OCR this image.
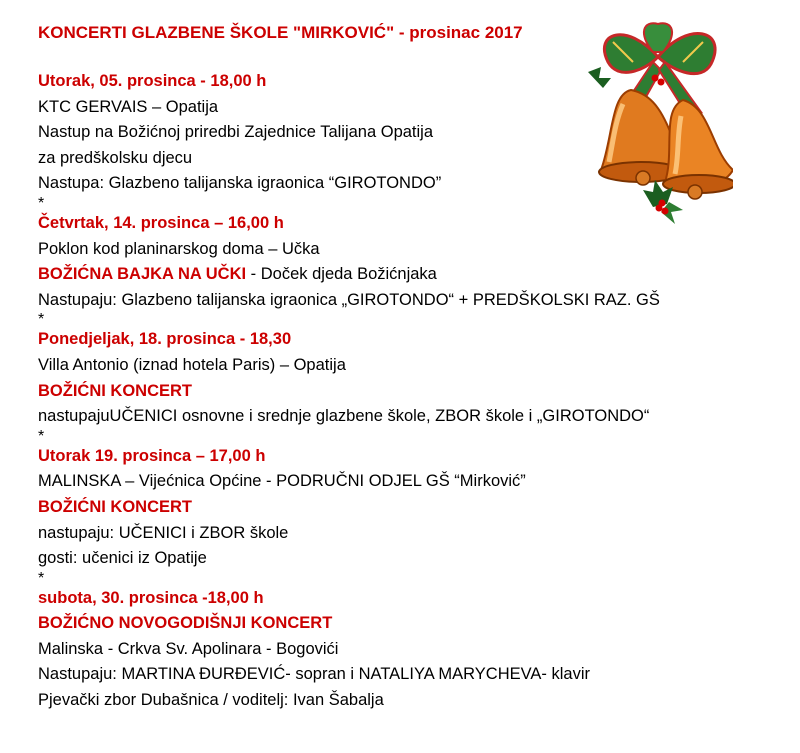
KONCERTI GLAZBENE ŠKOLE "MIRKOVIĆ" - prosinac 2017
Utorak, 05. prosinca - 18,00 h
KTC GERVAIS – Opatija
Nastup na Božićnoj priredbi Zajednice Talijana Opatija
za predškolsku djecu
Nastupa: Glazbeno talijanska igraonica “GIROTONDO”
*
Četvrtak, 14. prosinca – 16,00 h
Poklon kod planinarskog doma – Učka
BOŽIĆNA BAJKA NA UČKI - Doček djeda Božićnjaka
Nastupaju: Glazbeno talijanska igraonica „GIROTONDO“ + PREDŠKOLSKI RAZ. GŠ
*
Ponedjeljak, 18. prosinca - 18,30
Villa Antonio (iznad hotela Paris) – Opatija
BOŽIĆNI KONCERT
nastupajuUČENICI osnovne i srednje glazbene škole, ZBOR škole i „GIROTONDO“
*
Utorak 19. prosinca – 17,00 h
MALINSKA – Vijećnica Općine - PODRUČNI ODJEL GŠ “Mirković”
BOŽIĆNI KONCERT
nastupaju: UČENICI i ZBOR škole
gosti: učenici iz Opatije
*
subota, 30. prosinca -18,00 h
BOŽIĆNO NOVOGODIŠNJI KONCERT
Malinska - Crkva Sv. Apolinara - Bogovići
Nastupaju: MARTINA ĐURĐEVIĆ- sopran i NATALIYA MARYCHEVA- klavir
Pjevački zbor Dubašnica / voditelj: Ivan Šabalja
